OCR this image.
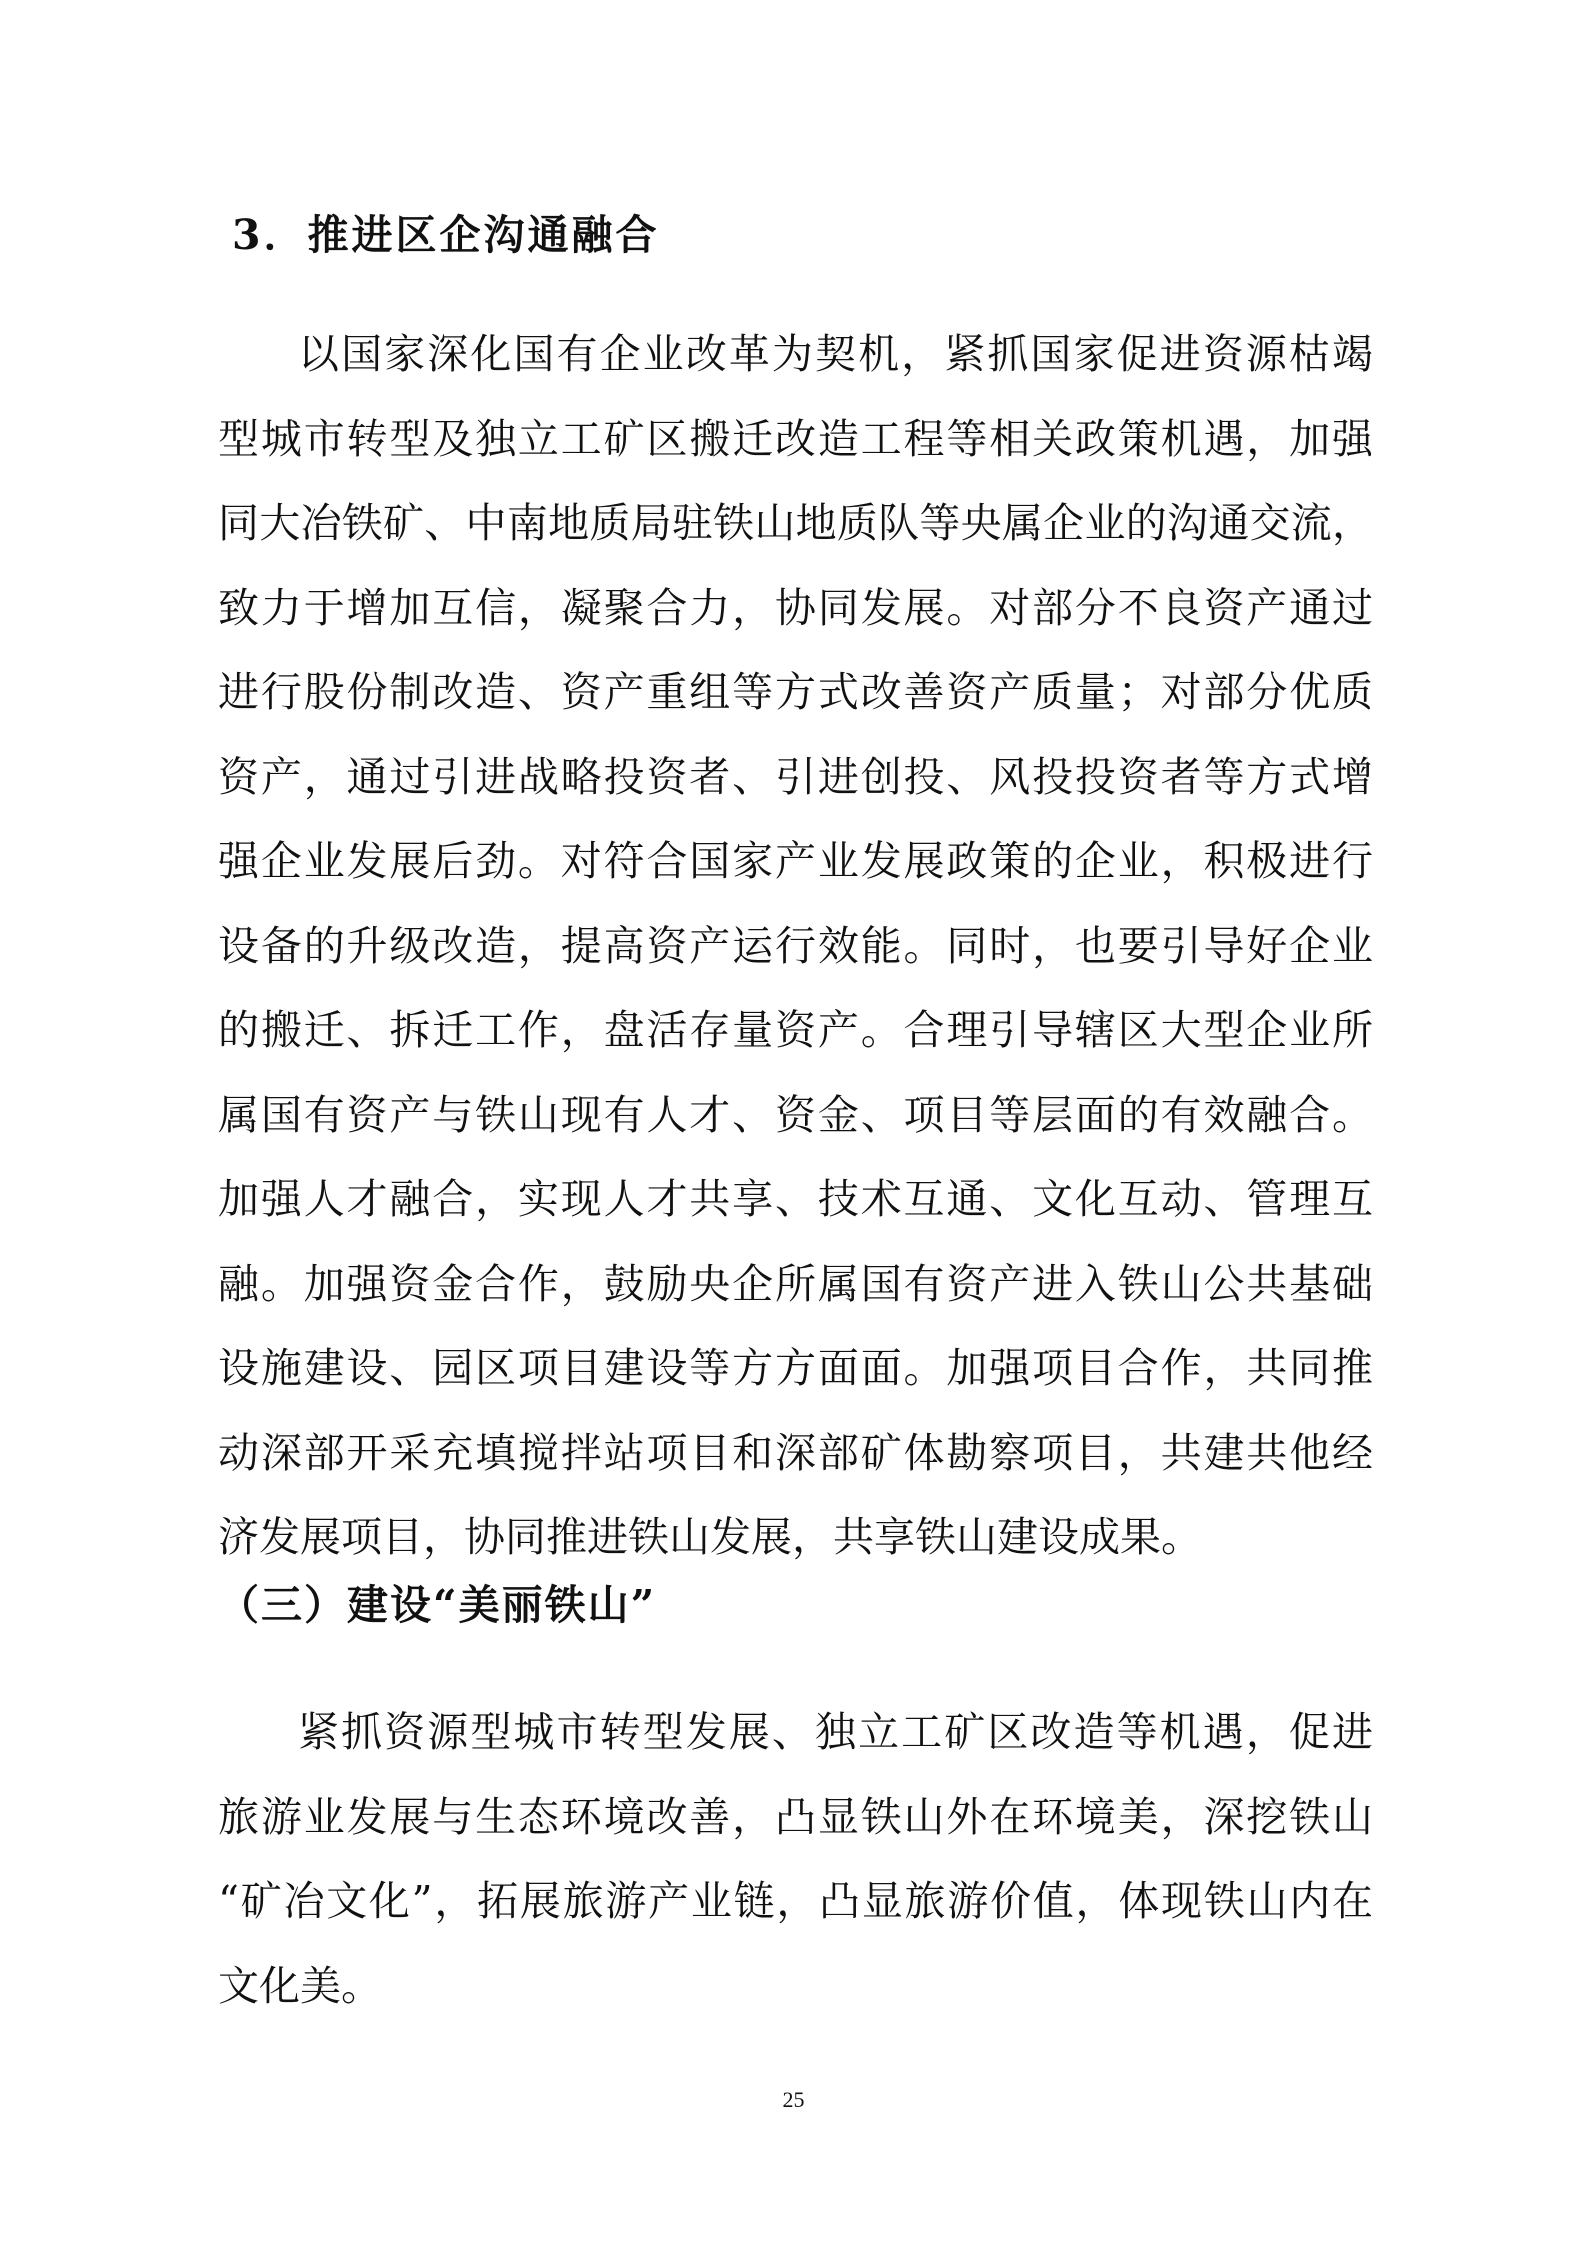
3．推进区企沟通融合
以国家深化国有企业改革为契机，紧抓国家促进资源枯竭
型城市转型及独立工矿区搬迁改造工程等相关政策机遇，加强
同大冶铁矿、中南地质局驻铁山地质队等央属企业的沟通交流，
致力于增加互信，凝聚合力，协同发展。对部分不良资产通过
进行股份制改造、资产重组等方式改善资产质量；对部分优质
资产，通过引进战略投资者、引进创投、风投投资者等方式增
强企业发展后劲。对符合国家产业发展政策的企业，积极进行
设备的升级改造，提高资产运行效能。同时，也要引导好企业
的搬迁、拆迁工作，盘活存量资产。合理引导辖区大型企业所
属国有资产与铁山现有人才、资金、项目等层面的有效融合。
加强人才融合，实现人才共享、技术互通、文化互动、管理互
融。加强资金合作，鼓励央企所属国有资产进入铁山公共基础
设施建设、园区项目建设等方方面面。加强项目合作，共同推
动深部开采充填搅拌站项目和深部矿体勘察项目，共建共他经
济发展项目，协同推进铁山发展，共享铁山建设成果。
（三）建设“美丽铁山”
紧抓资源型城市转型发展、独立工矿区改造等机遇，促进
旅游业发展与生态环境改善，凸显铁山外在环境美，深挖铁山
“矿冶文化”，拓展旅游产业链，凸显旅游价值，体现铁山内在
文化美。
25
